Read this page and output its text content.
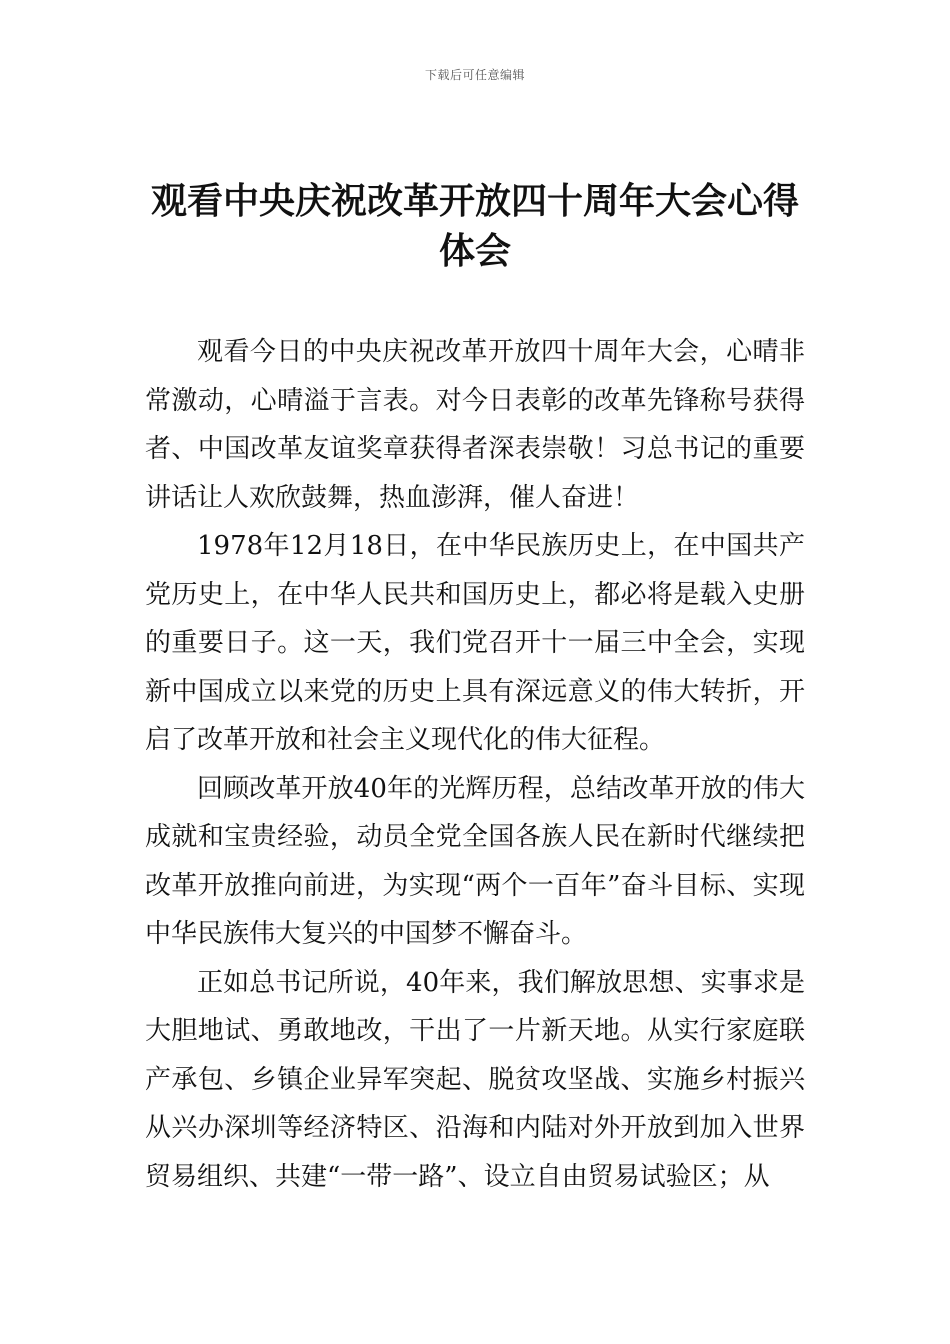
下载后可任意编辑
观看中央庆祝改革开放四十周年大会心得体会

观看今日的中央庆祝改革开放四十周年大会，心晴非常激动，心晴溢于言表。对今日表彰的改革先锋称号获得者、中国改革友谊奖章获得者深表崇敬！习总书记的重要讲话让人欢欣鼓舞，热血澎湃，催人奋进！

1978年12月18日，在中华民族历史上，在中国共产党历史上，在中华人民共和国历史上，都必将是载入史册的重要日子。这一天，我们党召开十一届三中全会，实现新中国成立以来党的历史上具有深远意义的伟大转折，开启了改革开放和社会主义现代化的伟大征程。

回顾改革开放40年的光辉历程，总结改革开放的伟大成就和宝贵经验，动员全党全国各族人民在新时代继续把改革开放推向前进，为实现“两个一百年”奋斗目标、实现中华民族伟大复兴的中国梦不懈奋斗。

正如总书记所说，40年来，我们解放思想、实事求是大胆地试、勇敢地改，干出了一片新天地。从实行家庭联产承包、乡镇企业异军突起、脱贫攻坚战、实施乡村振兴从兴办深圳等经济特区、沿海和内陆对外开放到加入世界贸易组织、共建“一带一路”、设立自由贸易试验区；从
